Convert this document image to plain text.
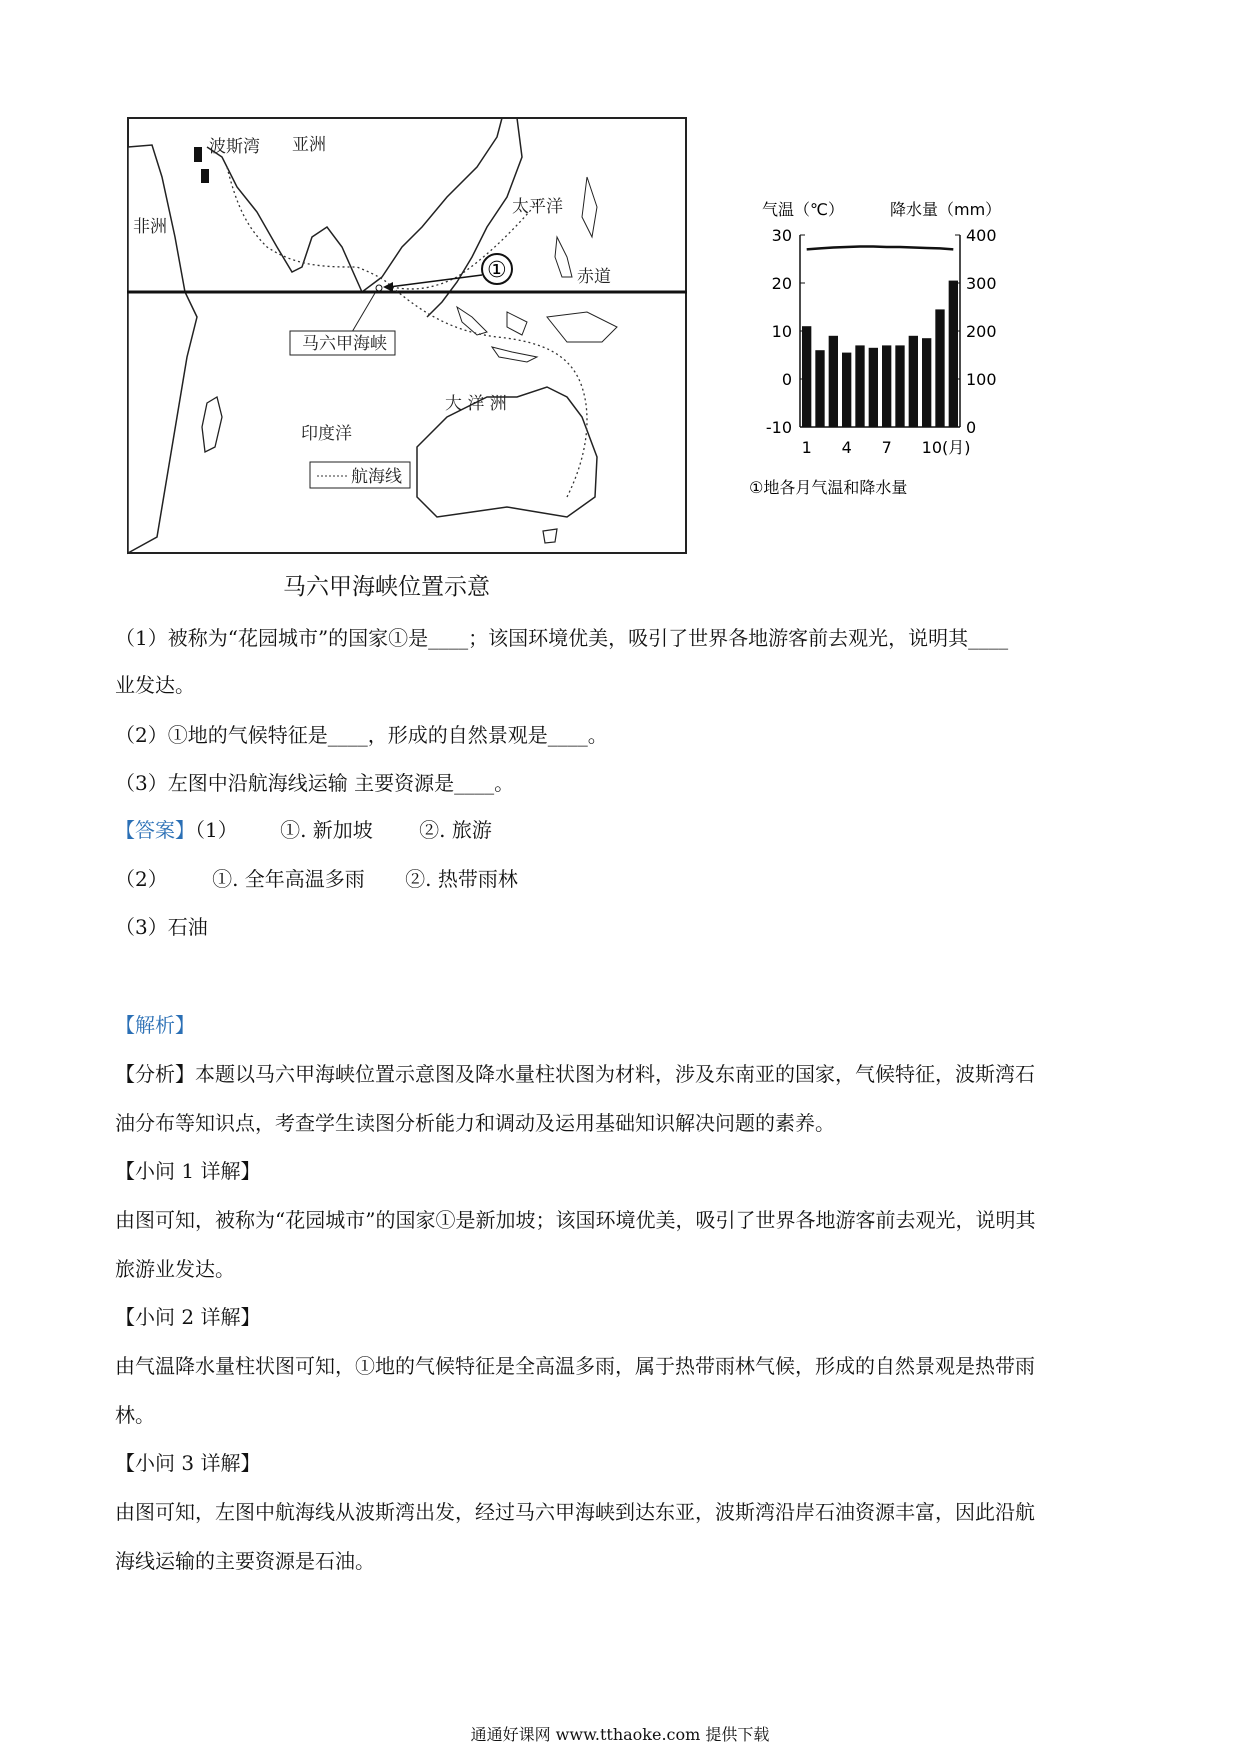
①
马六甲海峡
航海线
波斯湾 亚洲
太平洋
非洲
赤道
大 洋 洲
印度洋
马六甲海峡位置示意
气温（℃）	降水量（mm）
30
20
10
0
-10
400
300
200
100
0
1 4 7 10(月)
①地各月气温和降水量
（1）被称为“花园城市”的国家①是____；该国环境优美，吸引了世界各地游客前去观光，说明其____
业发达。
（2）①地的气候特征是____，形成的自然景观是____。
（3）左图中沿航海线运输 主要资源是____。
【答案】（1） ①. 新加坡 ②. 旅游
（2） ①. 全年高温多雨 ②. 热带雨林
（3）石油
【解析】
【分析】本题以马六甲海峡位置示意图及降水量柱状图为材料，涉及东南亚的国家，气候特征，波斯湾石
油分布等知识点，考查学生读图分析能力和调动及运用基础知识解决问题的素养。
【小问 1 详解】
由图可知，被称为“花园城市”的国家①是新加坡；该国环境优美，吸引了世界各地游客前去观光，说明其
旅游业发达。
【小问 2 详解】
由气温降水量柱状图可知，①地的气候特征是全高温多雨，属于热带雨林气候，形成的自然景观是热带雨
林。
【小问 3 详解】
由图可知，左图中航海线从波斯湾出发，经过马六甲海峡到达东亚，波斯湾沿岸石油资源丰富，因此沿航
海线运输的主要资源是石油。
通通好课网 www.tthaoke.com 提供下载
